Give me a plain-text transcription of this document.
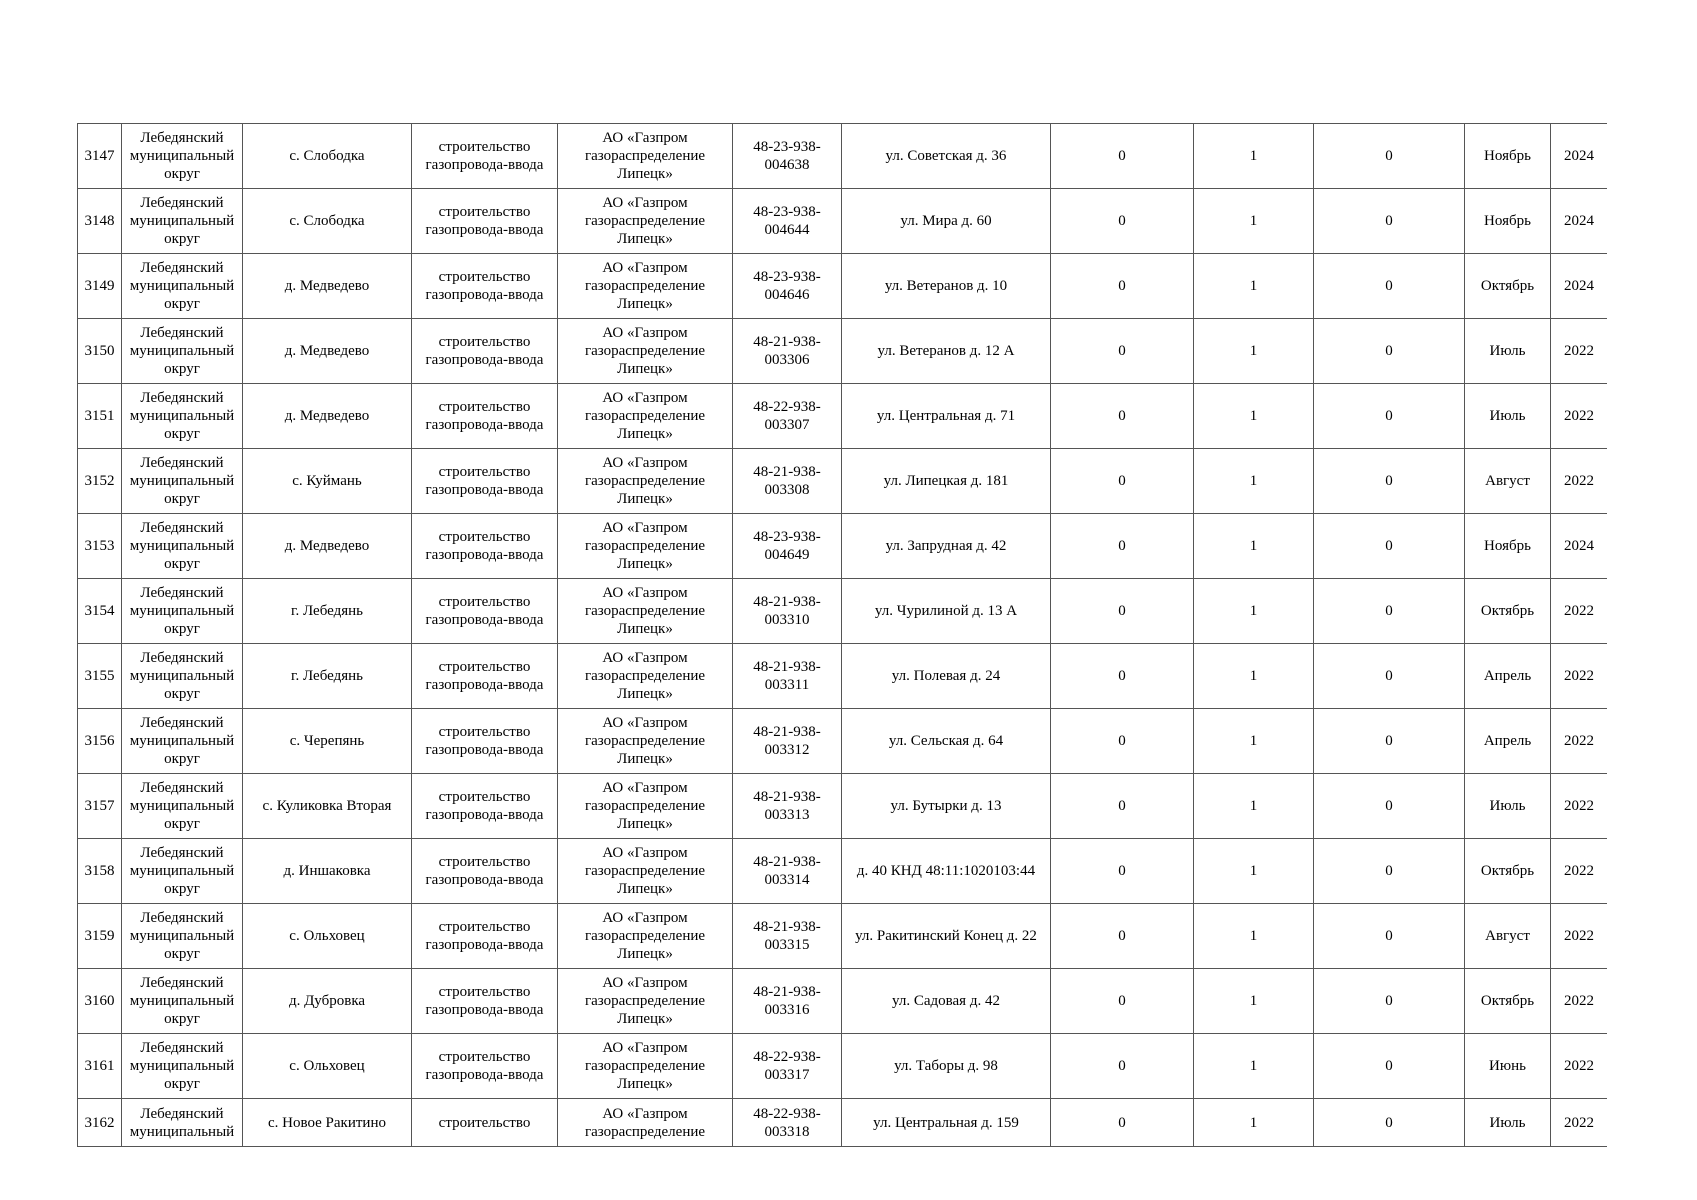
3147	Лебедянский муниципальный округ	с. Слободка	строительство газопровода-ввода	АО «Газпром газораспределение Липецк»	48-23-938-004638	ул. Советская д. 36	0	1	0	Ноябрь	2024
3148	Лебедянский муниципальный округ	с. Слободка	строительство газопровода-ввода	АО «Газпром газораспределение Липецк»	48-23-938-004644	ул. Мира д. 60	0	1	0	Ноябрь	2024
3149	Лебедянский муниципальный округ	д. Медведево	строительство газопровода-ввода	АО «Газпром газораспределение Липецк»	48-23-938-004646	ул. Ветеранов д. 10	0	1	0	Октябрь	2024
3150	Лебедянский муниципальный округ	д. Медведево	строительство газопровода-ввода	АО «Газпром газораспределение Липецк»	48-21-938-003306	ул. Ветеранов д. 12 А	0	1	0	Июль	2022
3151	Лебедянский муниципальный округ	д. Медведево	строительство газопровода-ввода	АО «Газпром газораспределение Липецк»	48-22-938-003307	ул. Центральная д. 71	0	1	0	Июль	2022
3152	Лебедянский муниципальный округ	с. Куймань	строительство газопровода-ввода	АО «Газпром газораспределение Липецк»	48-21-938-003308	ул. Липецкая д. 181	0	1	0	Август	2022
3153	Лебедянский муниципальный округ	д. Медведево	строительство газопровода-ввода	АО «Газпром газораспределение Липецк»	48-23-938-004649	ул. Запрудная д. 42	0	1	0	Ноябрь	2024
3154	Лебедянский муниципальный округ	г. Лебедянь	строительство газопровода-ввода	АО «Газпром газораспределение Липецк»	48-21-938-003310	ул. Чурилиной д. 13 А	0	1	0	Октябрь	2022
3155	Лебедянский муниципальный округ	г. Лебедянь	строительство газопровода-ввода	АО «Газпром газораспределение Липецк»	48-21-938-003311	ул. Полевая д. 24	0	1	0	Апрель	2022
3156	Лебедянский муниципальный округ	с. Черепянь	строительство газопровода-ввода	АО «Газпром газораспределение Липецк»	48-21-938-003312	ул. Сельская д. 64	0	1	0	Апрель	2022
3157	Лебедянский муниципальный округ	с. Куликовка Вторая	строительство газопровода-ввода	АО «Газпром газораспределение Липецк»	48-21-938-003313	ул. Бутырки д. 13	0	1	0	Июль	2022
3158	Лебедянский муниципальный округ	д. Иншаковка	строительство газопровода-ввода	АО «Газпром газораспределение Липецк»	48-21-938-003314	д. 40 КНД 48:11:1020103:44	0	1	0	Октябрь	2022
3159	Лебедянский муниципальный округ	с. Ольховец	строительство газопровода-ввода	АО «Газпром газораспределение Липецк»	48-21-938-003315	ул. Ракитинский Конец д. 22	0	1	0	Август	2022
3160	Лебедянский муниципальный округ	д. Дубровка	строительство газопровода-ввода	АО «Газпром газораспределение Липецк»	48-21-938-003316	ул. Садовая д. 42	0	1	0	Октябрь	2022
3161	Лебедянский муниципальный округ	с. Ольховец	строительство газопровода-ввода	АО «Газпром газораспределение Липецк»	48-22-938-003317	ул. Таборы д. 98	0	1	0	Июнь	2022
3162	Лебедянский муниципальный	с. Новое Ракитино	строительство	АО «Газпром газораспределение	48-22-938-003318	ул. Центральная д. 159	0	1	0	Июль	2022
